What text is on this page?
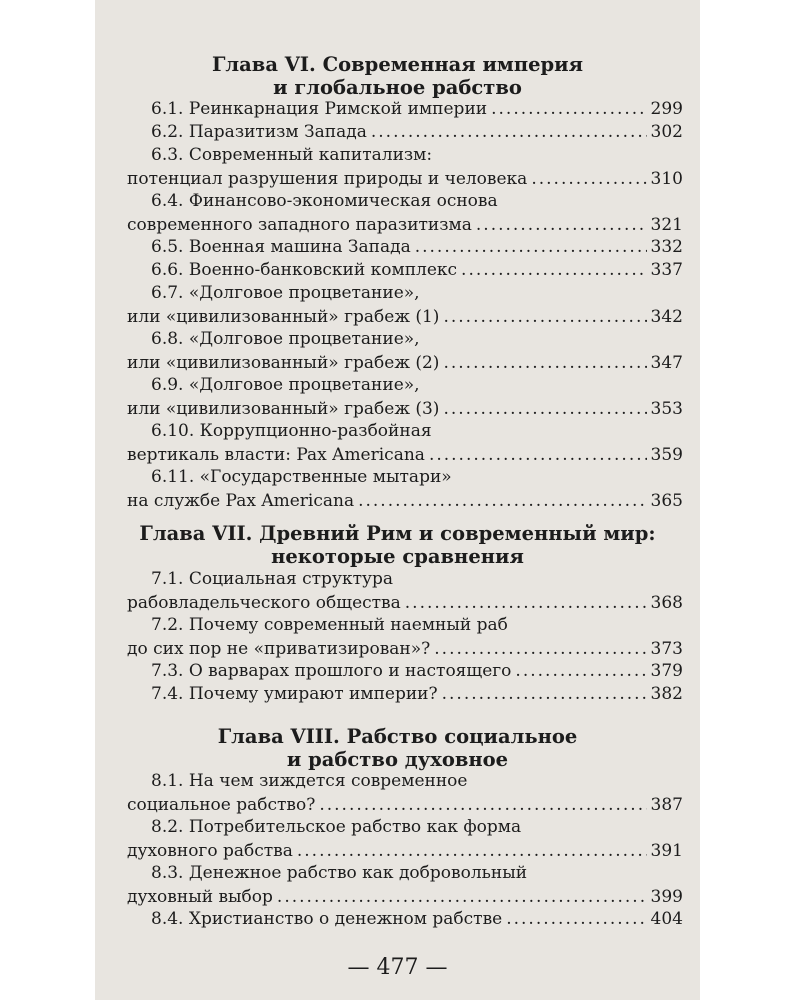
Глава VI. Современная империя
и глобальное рабство
6.1. Реинкарнация Римской империи .....	299
6.2. Паразитизм Запада .....	302
6.3. Современный капитализм:
потенциал разрушения природы и человека .....	310
6.4. Финансово-экономическая основа
современного западного паразитизма .....	321
6.5. Военная машина Запада .....	332
6.6. Военно-банковский комплекс .....	337
6.7. «Долговое процветание»,
или «цивилизованный» грабеж (1) .....	342
6.8. «Долговое процветание»,
или «цивилизованный» грабеж (2) .....	347
6.9. «Долговое процветание»,
или «цивилизованный» грабеж (3) .....	353
6.10. Коррупционно-разбойная
вертикаль власти: Pax Americana .....	359
6.11. «Государственные мытари»
на службе Pax Americana .....	365
Глава VII. Древний Рим и современный мир:
некоторые сравнения
7.1. Социальная структура
рабовладельческого общества .....	368
7.2. Почему современный наемный раб
до сих пор не «приватизирован»? .....	373
7.3. О варварах прошлого и настоящего .....	379
7.4. Почему умирают империи? .....	382
Глава VIII. Рабство социальное
и рабство духовное
8.1. На чем зиждется современное
социальное рабство? .....	387
8.2. Потребительское рабство как форма
духовного рабства .....	391
8.3. Денежное рабство как добровольный
духовный выбор .....	399
8.4. Христианство о денежном рабстве .....	404
— 477 —
